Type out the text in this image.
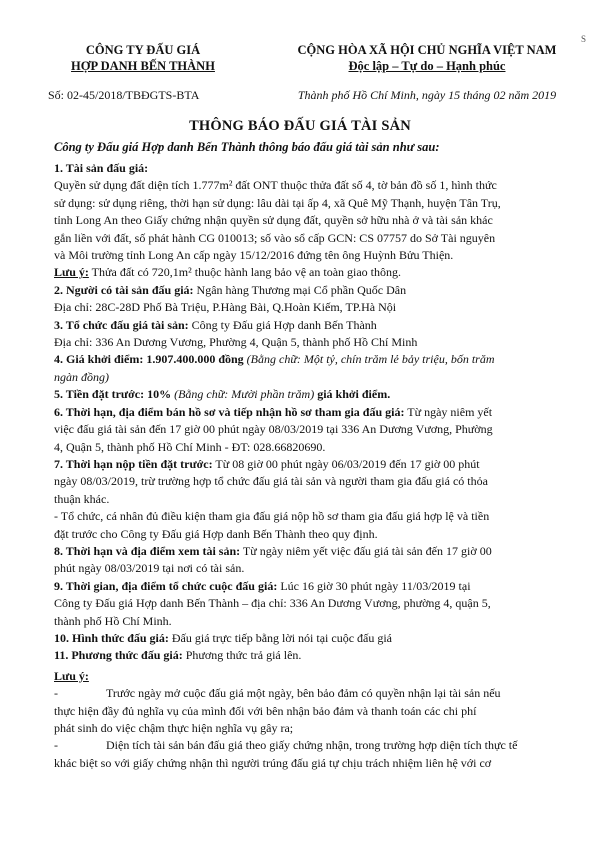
S
CÔNG TY ĐẤU GIÁ
HỢP DANH BẾN THÀNH
CỘNG HÒA XÃ HỘI CHỦ NGHĨA VIỆT NAM
Độc lập – Tự do – Hạnh phúc
Số: 02-45/2018/TBĐGTS-BTA	Thành phố Hồ Chí Minh, ngày 15 tháng 02 năm 2019
THÔNG BÁO ĐẤU GIÁ TÀI SẢN
Công ty Đấu giá Hợp danh Bến Thành thông báo đấu giá tài sản như sau:

1. Tài sản đấu giá:

Quyền sử dụng đất diện tích 1.777m² đất ONT thuộc thửa đất số 4, tờ bản đồ số 1, hình thức

sử dụng: sử dụng riêng, thời hạn sử dụng: lâu dài tại ấp 4, xã Quê Mỹ Thạnh, huyện Tân Trụ,

tỉnh Long An theo Giấy chứng nhận quyền sử dụng đất, quyền sở hữu nhà ở và tài sản khác

gắn liền với đất, số phát hành CG 010013; số vào sổ cấp GCN: CS 07757 do Sở Tài nguyên

và Môi trường tỉnh Long An cấp ngày 15/12/2016 đứng tên ông Huỳnh Bửu Thiện.

Lưu ý: Thửa đất có 720,1m² thuộc hành lang bảo vệ an toàn giao thông.

2. Người có tài sản đấu giá: Ngân hàng Thương mại Cổ phần Quốc Dân

Địa chỉ: 28C-28D Phố Bà Triệu, P.Hàng Bài, Q.Hoàn Kiếm, TP.Hà Nội

3. Tổ chức đấu giá tài sản: Công ty Đấu giá Hợp danh Bến Thành

Địa chỉ: 336 An Dương Vương, Phường 4, Quận 5, thành phố Hồ Chí Minh

4. Giá khởi điểm: 1.907.400.000 đồng (Bằng chữ: Một tỷ, chín trăm lẻ bảy triệu, bốn trăm

ngàn đồng)

5. Tiền đặt trước: 10% (Bằng chữ: Mười phần trăm) giá khởi điểm.

6. Thời hạn, địa điểm bán hồ sơ và tiếp nhận hồ sơ tham gia đấu giá: Từ ngày niêm yết

việc đấu giá tài sản đến 17 giờ 00 phút ngày 08/03/2019 tại 336 An Dương Vương, Phường

4, Quận 5, thành phố Hồ Chí Minh - ĐT: 028.66820690.

7. Thời hạn nộp tiền đặt trước: Từ 08 giờ 00 phút ngày 06/03/2019 đến 17 giờ 00 phút

ngày 08/03/2019, trừ trường hợp tổ chức đấu giá tài sản và người tham gia đấu giá có thỏa

thuận khác.

- Tổ chức, cá nhân đủ điều kiện tham gia đấu giá nộp hồ sơ tham gia đấu giá hợp lệ và tiền

đặt trước cho Công ty Đấu giá Hợp danh Bến Thành theo quy định.

8. Thời hạn và địa điểm xem tài sản: Từ ngày niêm yết việc đấu giá tài sản đến 17 giờ 00

phút ngày 08/03/2019 tại nơi có tài sản.

9. Thời gian, địa điểm tổ chức cuộc đấu giá: Lúc 16 giờ 30 phút ngày 11/03/2019 tại

Công ty Đấu giá Hợp danh Bến Thành – địa chỉ: 336 An Dương Vương, phường 4, quận 5,

thành phố Hồ Chí Minh.

10. Hình thức đấu giá: Đấu giá trực tiếp bằng lời nói tại cuộc đấu giá

11. Phương thức đấu giá: Phương thức trả giá lên.

Lưu ý:

-	Trước ngày mở cuộc đấu giá một ngày, bên bảo đảm có quyền nhận lại tài sản nếu

thực hiện đầy đủ nghĩa vụ của mình đối với bên nhận bảo đảm và thanh toán các chi phí

phát sinh do việc chậm thực hiện nghĩa vụ gây ra;

-	Diện tích tài sản bán đấu giá theo giấy chứng nhận, trong trường hợp diện tích thực tế

khác biệt so với giấy chứng nhận thì người trúng đấu giá tự chịu trách nhiệm liên hệ với cơ
